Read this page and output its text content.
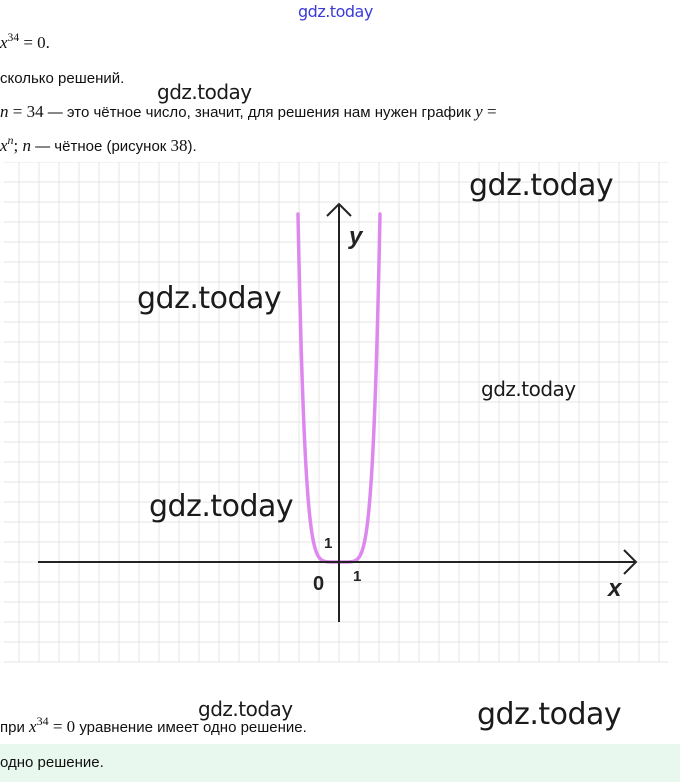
gdz.today
$x^{34} = 0$.
сколько решений.
gdz.today
n = 34 — это чётное число, значит, для решения нам нужен график y =
$x^n$; n — чётное (рисунок 38).
y
x
1
1
0
gdz.today
gdz.today
gdz.today
gdz.today
gdz.today	gdz.today
при $x^{34} = 0$ уравнение имеет одно решение.
одно решение.
